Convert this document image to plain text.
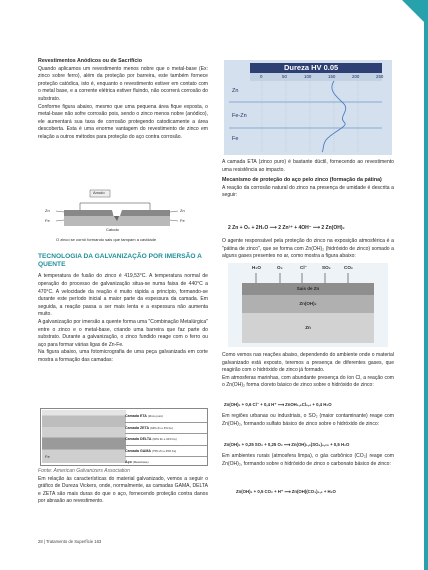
Revestimentos Anódicos ou de Sacrifício

Quando aplicamos um revestimento menos nobre que o metal-base (Ex: zinco sobre ferro), além da proteção por barreira, este também fornece proteção catódica, isto é, enquanto o revestimento estiver em contato com o metal base, e a corrente elétrica estiver fluindo, não ocorrerá corrosão do substrato.

Conforme figura abaixo, mesmo que uma pequena área fique exposta, o metal-base não sofre corrosão pois, sendo o zinco menos nobre (anódico), ele aumentará sua taxa de corrosão protegendo catodicamente a área descoberta. Esta é uma enorme vantagem do revestimento de zinco em relação a outros métodos para proteção do aço contra corrosão.

Anodo
Zn
Fe
Zn
Fe
Catodo
O zinco se corrói formando sais que tampam a cavidade

TECNOLOGIA DA GALVANIZAÇÃO POR IMERSÃO A QUENTE

A temperatura de fusão do zinco é 419,53°C. A temperatura normal de operação do processo de galvanização situa-se numa faixa de 440°C a 470°C. A velocidade da reação é muito rápida a princípio, formando-se durante este período inicial a maior parte da espessura da camada. Em seguida, a reação passa a ser mais lenta e a espessura não aumenta muito.

A galvanização por imersão a quente forma uma "Combinação Metalúrgica" entre o zinco e o metal-base, criando uma barreira que faz parte do substrato. Durante a galvanização, o zinco fundido reage com o ferro ou aço para formar várias ligas de Zn-Fe.

Na figura abaixo, uma fotomicrografia de uma peça galvanizada em corte mostra a formação das camadas:

Fe
Camada ETA (Zinco puro)
Camada ZETA (94% Zn e 6% Fe)
Camada DELTA (90% Zn e 10% Fe)
Camada GAMA (75% Zn e 25% Fe)
Aço (Metal-base)

Fonte: American Galvanizers Association

Em relação às características do material galvanizado, vemos a seguir o gráfico de Dureza Vickers, onde, normalmente, as camadas GAMA, DELTA e ZETA são mais duras do que o aço, fornecendo proteção contra danos por abrasão ao revestimento.

Dureza HV 0.05
0	50	100	150	200	250
Zn
Fe-Zn
Fe

A camada ETA (zinco puro) é bastante dúctil, fornecendo ao revestimento uma resistência ao impacto.

Mecanismo de proteção do aço pelo zinco (formação da pátina)

A reação da corrosão natural do zinco na presença de umidade é descrita a seguir:

2 Zn + O₂ + 2H₂O ⟶ 2 Zn²⁺ + 4OH⁻ ⟶ 2 Zn(OH)₂

O agente responsável pela proteção do zinco na exposição atmosférica é a "pátina de zinco", que se forma com Zn(OH)₂ (hidróxido de zinco) somado a alguns gases presentes no ar, como mostra a figura abaixo:

H₂O	O₂	Cl⁻	SO₂	CO₂
Sais de Zn
Zn(OH)₂
Zn

Como vemos nas reações abaixo, dependendo do ambiente onde o material galvanizado está exposto, teremos a presença de diferentes gases, que reagirão com o hidróxido de zinco já formado.

Em atmosferas marinhas, com abundante presença do íon Cl, a reação com o Zn(OH)₂ forma cloreto básico de zinco sobre o hidróxido de zinco:

Zn(OH)₂ + 0,6 Cl⁻ + 0,4 H⁺ ⟶ ZnOH₁,₆Cl₀,₄ + 0,4 H₂O

Em regiões urbanas ou industriais, o SO₂ (maior contaminante) reage com Zn(OH)₂, formando sulfato básico de zinco sobre o hidróxido de zinco:

Zn(OH)₂ + 0,25 SO₂ + 0,25 O₂ ⟶ Zn(OH)₁,₅(SO₄)₀,₂₅ + 0,5 H₂O

Em ambientes rurais (atmosfera limpa), o gás carbônico (CO₂) reage com Zn(OH)₂, formando sobre o hidróxido de zinco o carbonato básico de zinco:

Zn(OH)₂ + 0,5 CO₂ + H⁺ ⟶ Zn(OH)(CO₃)₀,₅ + H₂O
28 | Tratamento de Superfície 163
